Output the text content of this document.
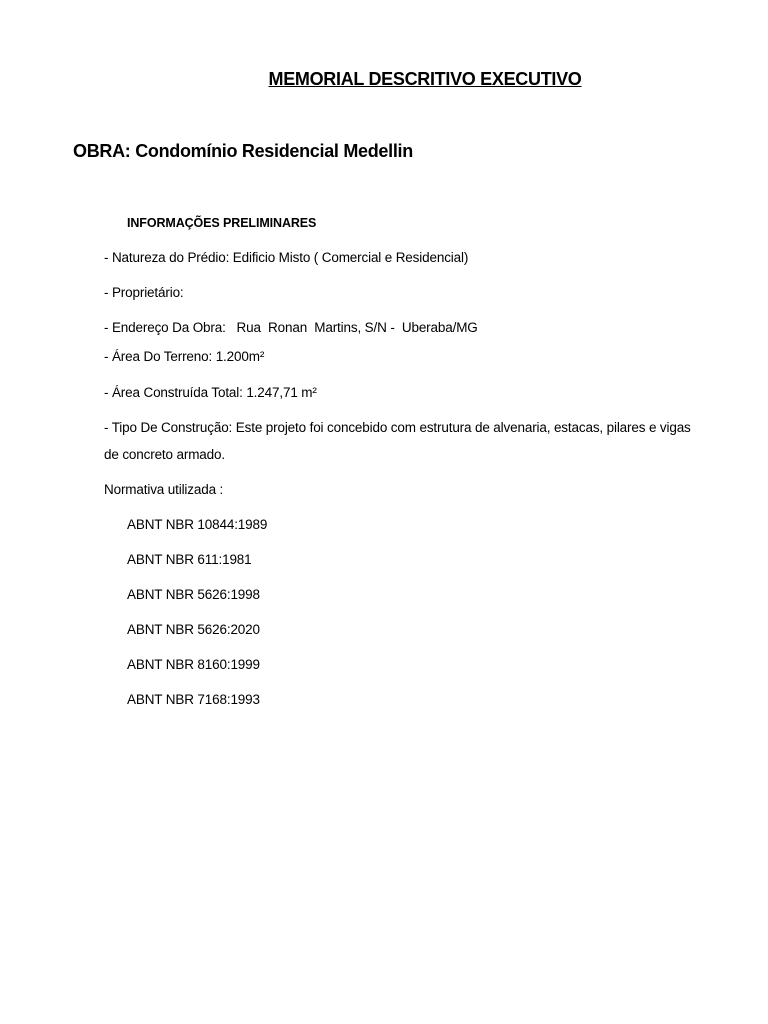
MEMORIAL DESCRITIVO EXECUTIVO
OBRA: Condomínio Residencial Medellin
INFORMAÇÕES PRELIMINARES
- Natureza do Prédio: Edificio Misto ( Comercial e Residencial)
- Proprietário:
- Endereço Da Obra:   Rua  Ronan  Martins, S/N -  Uberaba/MG
- Área Do Terreno: 1.200m²
- Área Construída Total: 1.247,71 m²
- Tipo De Construção: Este projeto foi concebido com estrutura de alvenaria, estacas, pilares e vigas
de concreto armado.
Normativa utilizada :
ABNT NBR 10844:1989
ABNT NBR 611:1981
ABNT NBR 5626:1998
ABNT NBR 5626:2020
ABNT NBR 8160:1999
ABNT NBR 7168:1993
